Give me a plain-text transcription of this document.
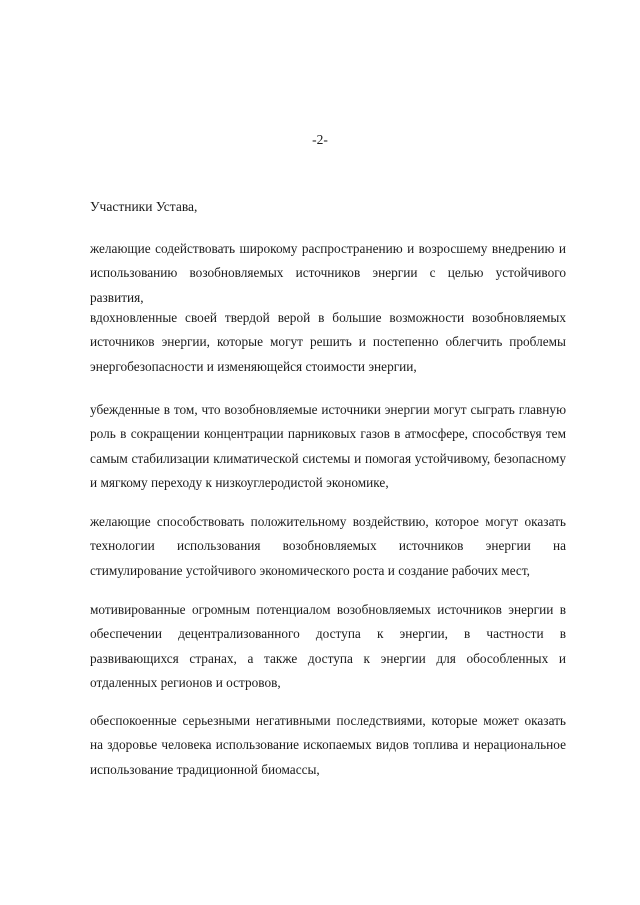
-2-
Участники Устава,

желающие содействовать широкому распространению и возросшему внедрению и использованию возобновляемых источников энергии с целью устойчивого развития,

вдохновленные своей твердой верой в большие возможности возобновляемых источников энергии, которые могут решить и постепенно облегчить проблемы энергобезопасности и изменяющейся стоимости энергии,

убежденные в том, что возобновляемые источники энергии могут сыграть главную роль в сокращении концентрации парниковых газов в атмосфере, способствуя тем самым стабилизации климатической системы и помогая устойчивому, безопасному и мягкому переходу к низкоуглеродистой экономике,

желающие способствовать положительному воздействию, которое могут оказать технологии использования возобновляемых источников энергии на стимулирование устойчивого экономического роста и создание рабочих мест,

мотивированные огромным потенциалом возобновляемых источников энергии в обеспечении децентрализованного доступа к энергии, в частности в развивающихся странах, а также доступа к энергии для обособленных и отдаленных регионов и островов,

обеспокоенные серьезными негативными последствиями, которые может оказать на здоровье человека использование ископаемых видов топлива и нерациональное использование традиционной биомассы,
